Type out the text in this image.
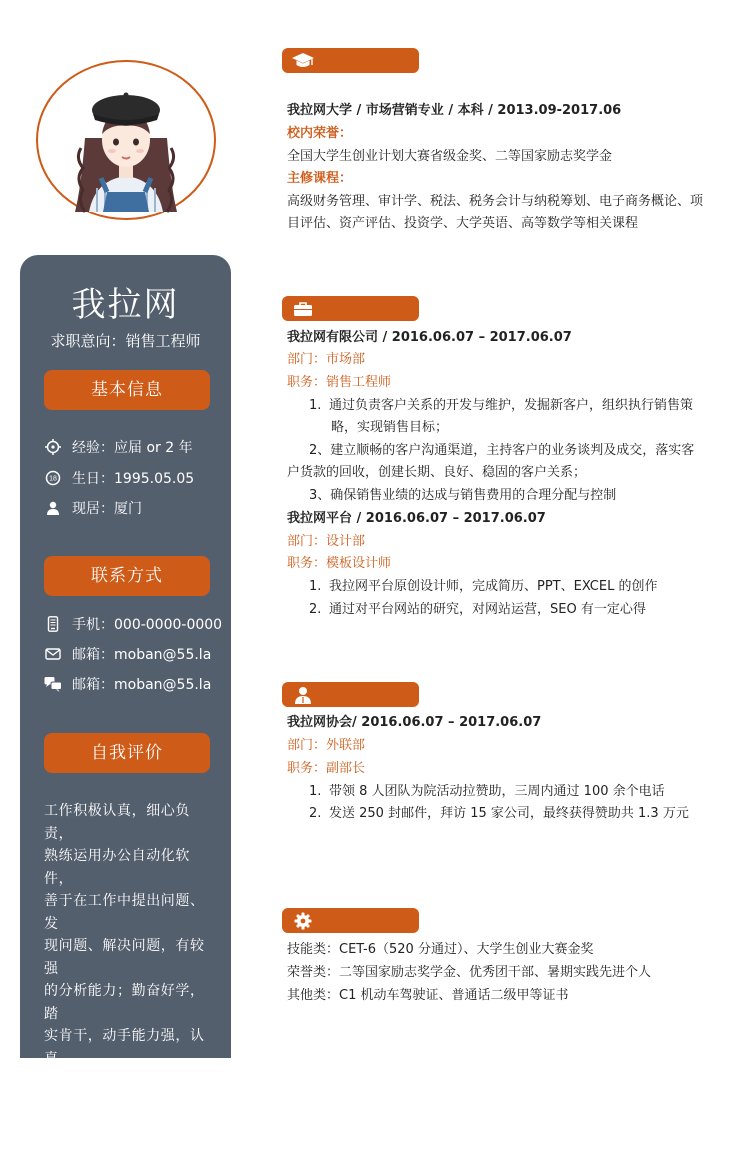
我拉网
求职意向：销售工程师
基本信息
经验：应届 or 2 年
18 生日：1995.05.05
现居：厦门
联系方式
手机：000-0000-0000
邮箱：moban@55.la
邮箱：moban@55.la
自我评价
工作积极认真，细心负责，
熟练运用办公自动化软件，
善于在工作中提出问题、发
现问题、解决问题，有较强
的分析能力；勤奋好学，踏
实肯干，动手能力强，认真
负责，有很强的社会责任
感；坚毅不拔，吃苦耐劳，
喜欢和勇于迎接新挑战。
我拉网大学 / 市场营销专业 / 本科 / 2013.09-2017.06
校内荣誉：
全国大学生创业计划大赛省级金奖、二等国家励志奖学金
主修课程：
高级财务管理、审计学、税法、税务会计与纳税筹划、电子商务概论、项
目评估、资产评估、投资学、大学英语、高等数学等相关课程
我拉网有限公司 / 2016.06.07 – 2017.06.07
部门：市场部
职务：销售工程师
1. 通过负责客户关系的开发与维护，发掘新客户，组织执行销售策
略，实现销售目标；
2、建立顺畅的客户沟通渠道，主持客户的业务谈判及成交，落实客
户货款的回收，创建长期、良好、稳固的客户关系；
3、确保销售业绩的达成与销售费用的合理分配与控制
我拉网平台 / 2016.06.07 – 2017.06.07
部门：设计部
职务：模板设计师
1. 我拉网平台原创设计师，完成简历、PPT、EXCEL 的创作
2. 通过对平台网站的研究，对网站运营，SEO 有一定心得
我拉网协会/ 2016.06.07 – 2017.06.07
部门：外联部
职务：副部长
1. 带领 8 人团队为院活动拉赞助，三周内通过 100 余个电话
2. 发送 250 封邮件，拜访 15 家公司，最终获得赞助共 1.3 万元
技能类：CET-6（520 分通过）、大学生创业大赛金奖
荣誉类：二等国家励志奖学金、优秀团干部、暑期实践先进个人
其他类：C1 机动车驾驶证、普通话二级甲等证书
